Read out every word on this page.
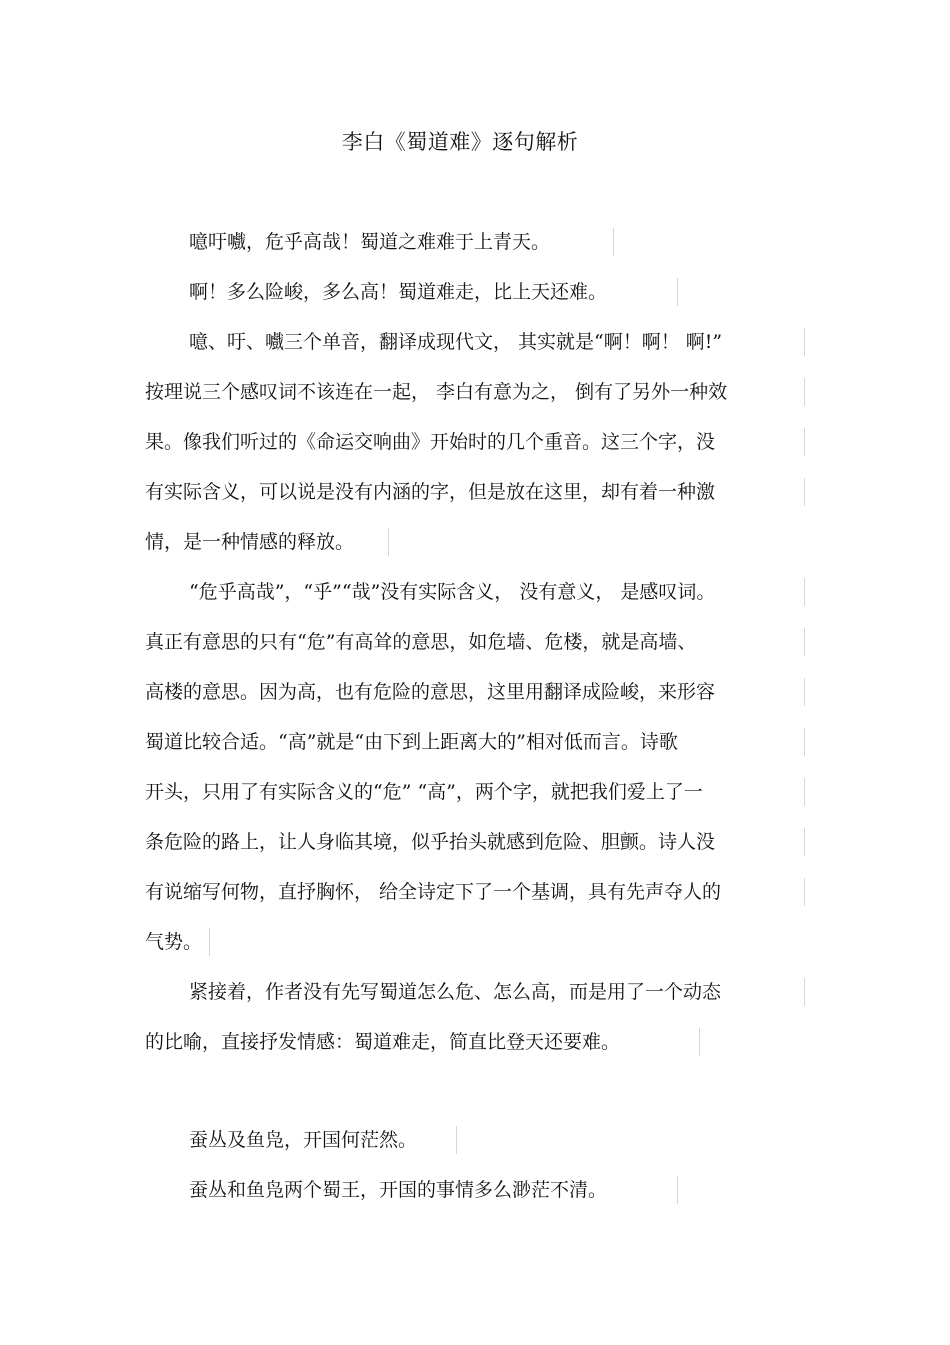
李白《蜀道难》逐句解析
噫吁嚱，危乎高哉！蜀道之难难于上青天。
啊！多么险峻，多么高！蜀道难走，比上天还难。
噫、吁、嚱三个单音，翻译成现代文， 其实就是“啊！啊！ 啊!”
按理说三个感叹词不该连在一起， 李白有意为之， 倒有了另外一种效
果。像我们听过的《命运交响曲》开始时的几个重音。这三个字，没
有实际含义，可以说是没有内涵的字，但是放在这里，却有着一种激
情，是一种情感的释放。
“危乎高哉”，“乎”“哉”没有实际含义， 没有意义， 是感叹词。
真正有意思的只有“危”有高耸的意思，如危墙、危楼，就是高墙、
高楼的意思。因为高，也有危险的意思，这里用翻译成险峻，来形容
蜀道比较合适。“高”就是“由下到上距离大的”相对低而言。诗歌
开头，只用了有实际含义的“危” “高”，两个字，就把我们爱上了一
条危险的路上，让人身临其境，似乎抬头就感到危险、胆颤。诗人没
有说缩写何物，直抒胸怀， 给全诗定下了一个基调，具有先声夺人的
气势。
紧接着，作者没有先写蜀道怎么危、怎么高，而是用了一个动态
的比喻，直接抒发情感：蜀道难走，简直比登天还要难。
蚕丛及鱼凫，开国何茫然。
蚕丛和鱼凫两个蜀王，开国的事情多么渺茫不清。
